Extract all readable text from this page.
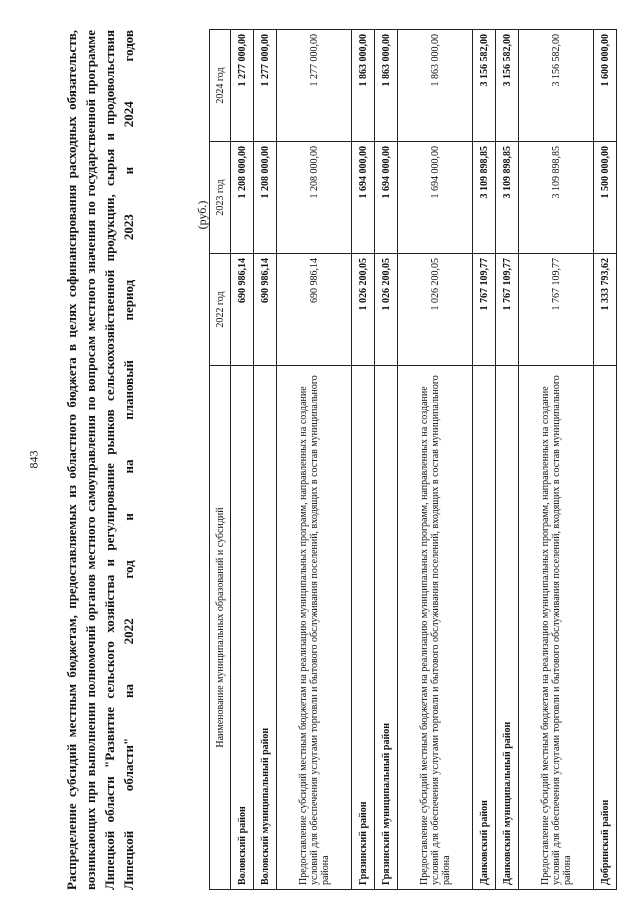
843 Распределение субсидий местным бюджетам, предоставляемых из областного бюджета в целях софинансирования расходных обязательств, возникающих при выполнении полномочий органов местного самоуправления по вопросам местного значения по государственной программе Липецкой области "Развитие сельского хозяйства и регулирование рынков сельскохозяйственной продукции, сырья и продовольствия Липецкой области" на 2022 год и на плановый период 2023 и 2024 годов	(руб.)
Наименование муниципальных образований и субсидий	2022 год	2023 год	2024 год
Воловский район	690 986,14	1 208 000,00	1 277 000,00
Воловский муниципальный район	690 986,14	1 208 000,00	1 277 000,00
Предоставление субсидий местным бюджетам на реализацию муниципальных программ, направленных на создание условий для обеспечения услугами торговли и бытового обслуживания поселений, входящих в состав муниципального района	690 986,14	1 208 000,00	1 277 000,00
Грязинский район	1 026 200,05	1 694 000,00	1 863 000,00
Грязинский муниципальный район	1 026 200,05	1 694 000,00	1 863 000,00
Предоставление субсидий местным бюджетам на реализацию муниципальных программ, направленных на создание условий для обеспечения услугами торговли и бытового обслуживания поселений, входящих в состав муниципального района	1 026 200,05	1 694 000,00	1 863 000,00
Данковский район	1 767 109,77	3 109 898,85	3 156 582,00
Данковский муниципальный район	1 767 109,77	3 109 898,85	3 156 582,00
Предоставление субсидий местным бюджетам на реализацию муниципальных программ, направленных на создание условий для обеспечения услугами торговли и бытового обслуживания поселений, входящих в состав муниципального района	1 767 109,77	3 109 898,85	3 156 582,00
Добринский район	1 333 793,62	1 500 000,00	1 600 000,00
